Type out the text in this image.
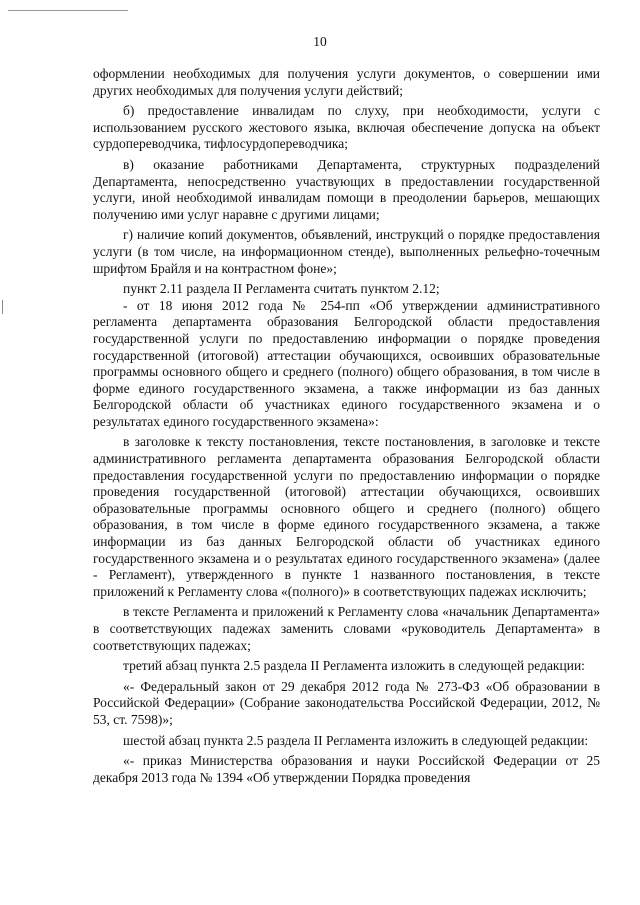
10

оформлении необходимых для получения услуги документов, о совершении ими других необходимых для получения услуги действий;

б) предоставление инвалидам по слуху, при необходимости, услуги с использованием русского жестового языка, включая обеспечение допуска на объект сурдопереводчика, тифлосурдопереводчика;

в) оказание работниками Департамента, структурных подразделений Департамента, непосредственно участвующих в предоставлении государственной услуги, иной необходимой инвалидам помощи в преодолении барьеров, мешающих получению ими услуг наравне с другими лицами;

г) наличие копий документов, объявлений, инструкций о порядке предоставления услуги (в том числе, на информационном стенде), выполненных рельефно-точечным шрифтом Брайля и на контрастном фоне»;

пункт 2.11 раздела II Регламента считать пунктом 2.12;

- от 18 июня 2012 года № 254-пп «Об утверждении административного регламента департамента образования Белгородской области предоставления государственной услуги по предоставлению информации о порядке проведения государственной (итоговой) аттестации обучающихся, освоивших образовательные программы основного общего и среднего (полного) общего образования, в том числе в форме единого государственного экзамена, а также информации из баз данных Белгородской области об участниках единого государственного экзамена и о результатах единого государственного экзамена»:

в заголовке к тексту постановления, тексте постановления, в заголовке и тексте административного регламента департамента образования Белгородской области предоставления государственной услуги по предоставлению информации о порядке проведения государственной (итоговой) аттестации обучающихся, освоивших образовательные программы основного общего и среднего (полного) общего образования, в том числе в форме единого государственного экзамена, а также информации из баз данных Белгородской области об участниках единого государственного экзамена и о результатах единого государственного экзамена» (далее - Регламент), утвержденного в пункте 1 названного постановления, в тексте приложений к Регламенту слова «(полного)» в соответствующих падежах исключить;

в тексте Регламента и приложений к Регламенту слова «начальник Департамента» в соответствующих падежах заменить словами «руководитель Департамента» в соответствующих падежах;

третий абзац пункта 2.5 раздела II Регламента изложить в следующей редакции:

«- Федеральный закон от 29 декабря 2012 года № 273-ФЗ «Об образовании в Российской Федерации» (Собрание законодательства Российской Федерации, 2012, № 53, ст. 7598)»;

шестой абзац пункта 2.5 раздела II Регламента изложить в следующей редакции:

«- приказ Министерства образования и науки Российской Федерации от 25 декабря 2013 года № 1394 «Об утверждении Порядка проведения
